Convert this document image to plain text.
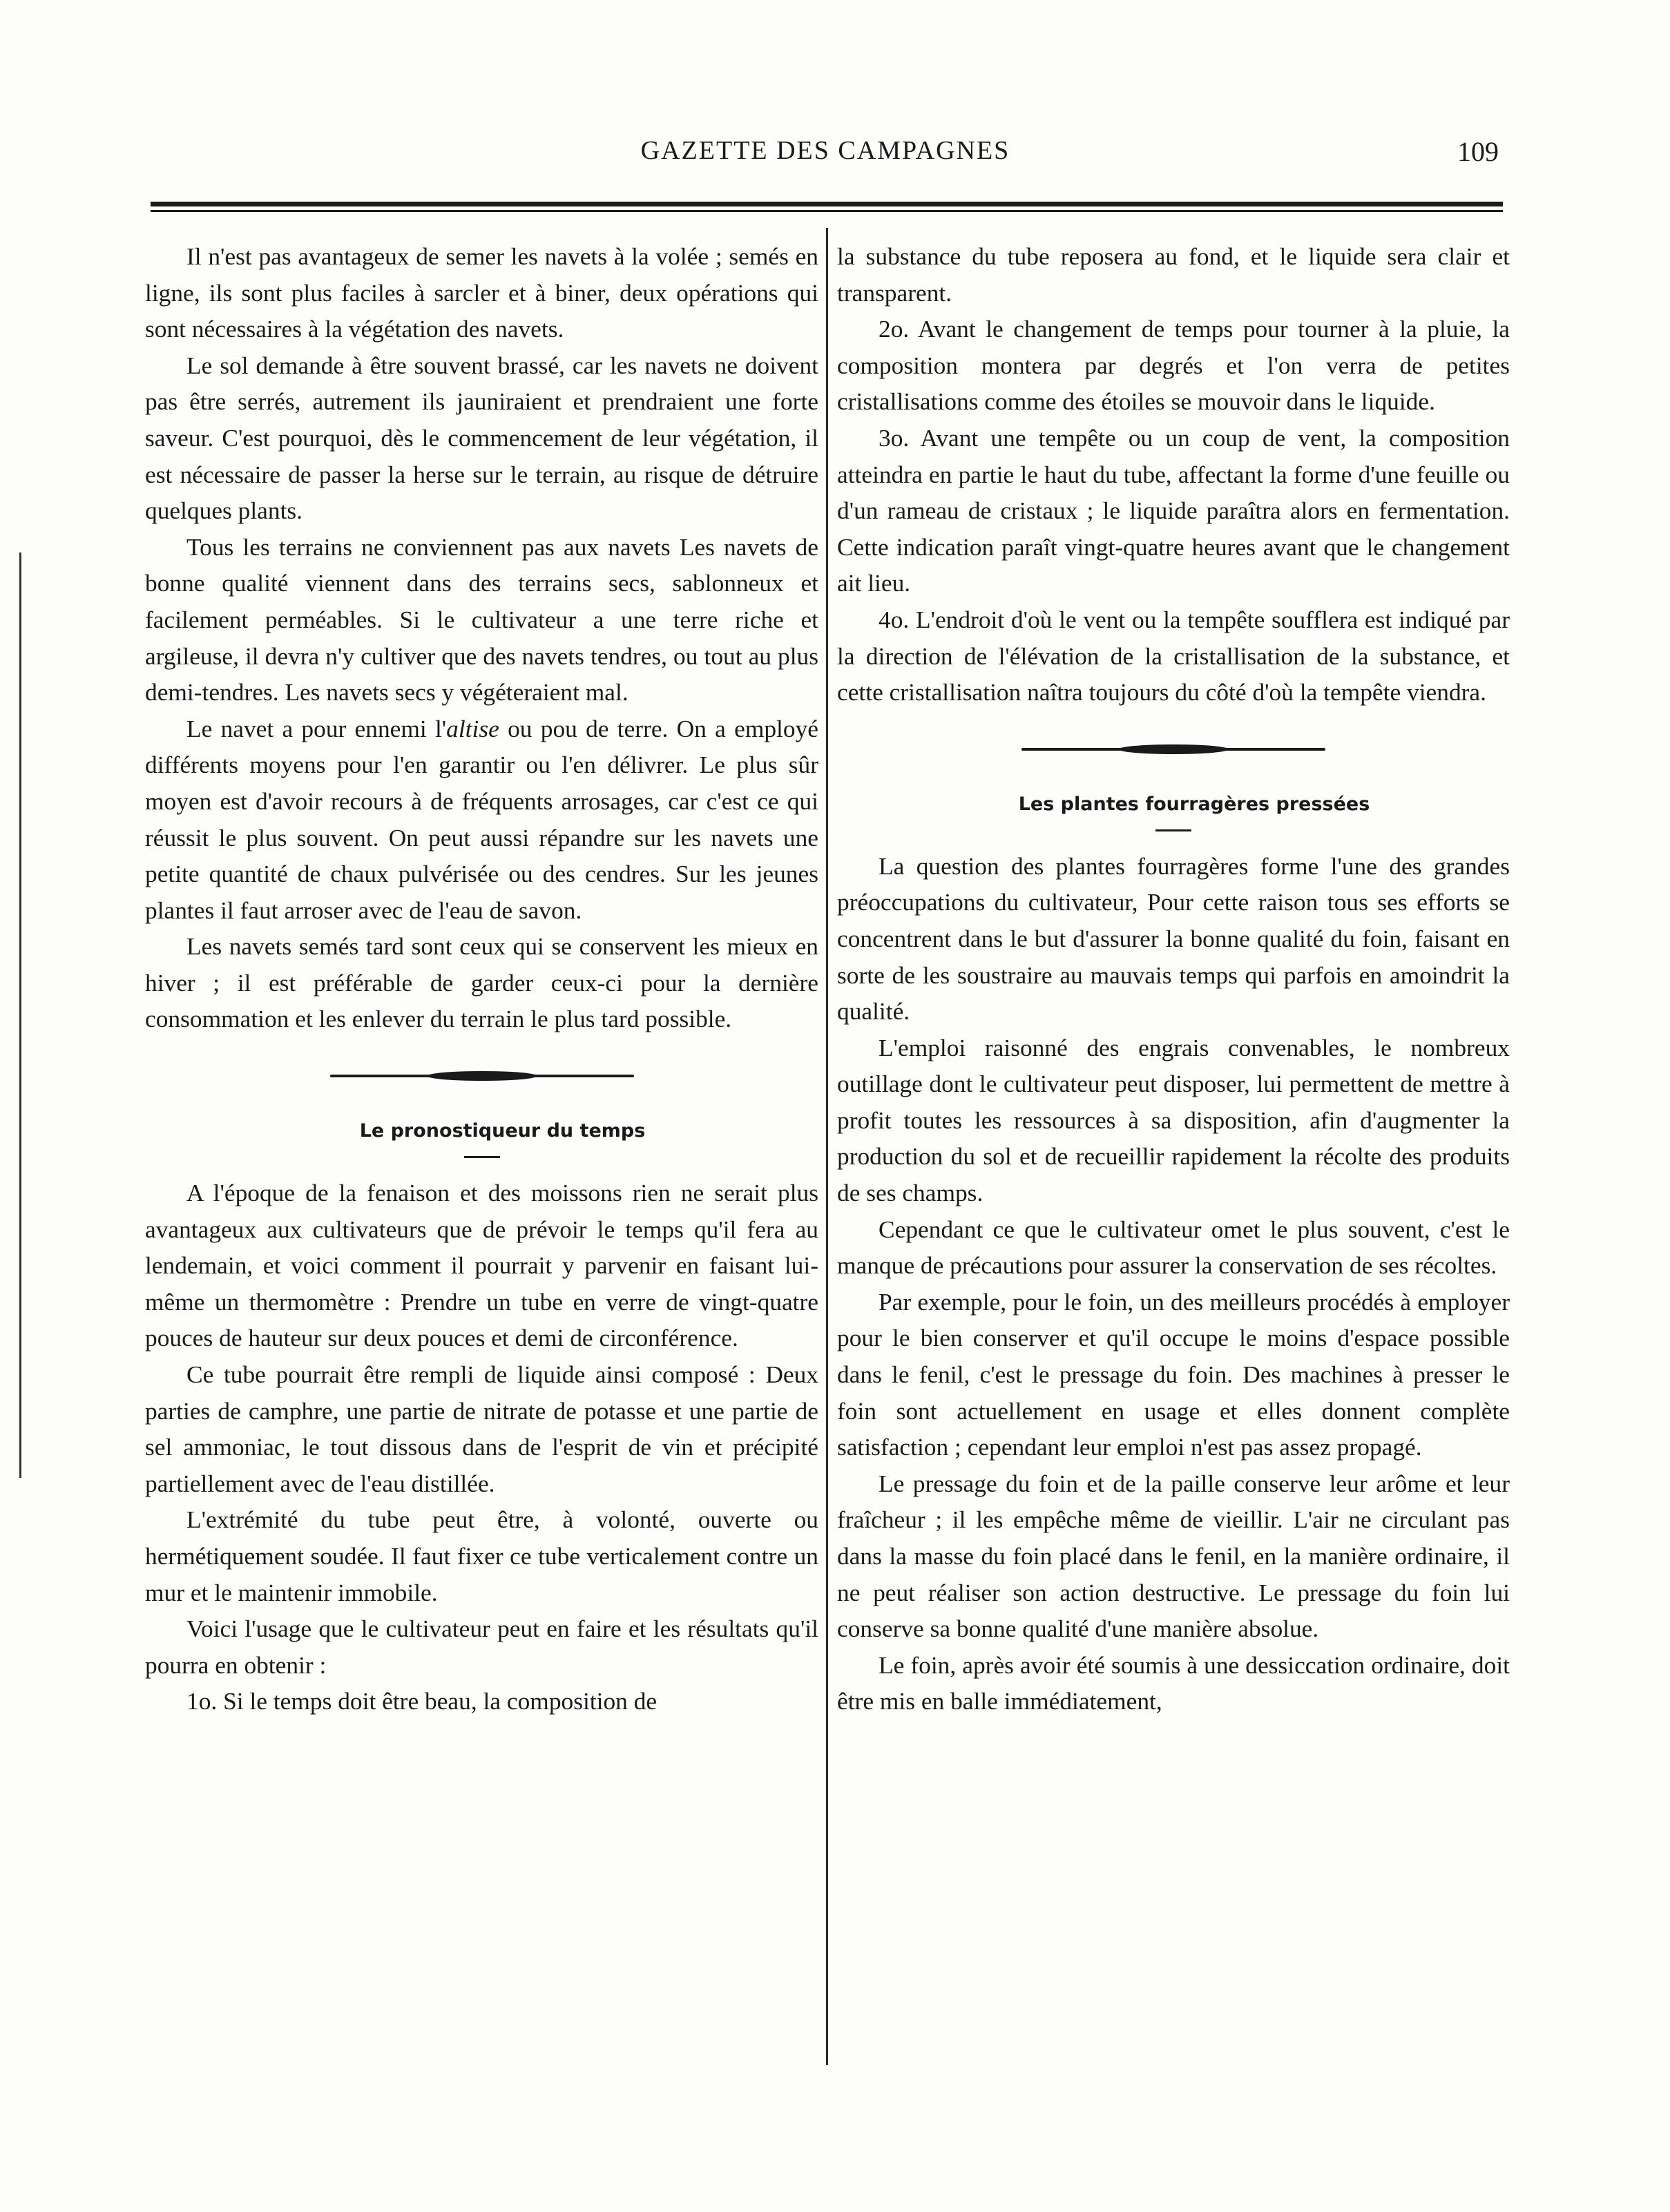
GAZETTE DES CAMPAGNES	109

Il n'est pas avantageux de semer les navets à la volée ; semés en ligne, ils sont plus faciles à sarcler et à biner, deux opérations qui sont nécessaires à la végétation des navets.

Le sol demande à être souvent brassé, car les navets ne doivent pas être serrés, autrement ils jauniraient et prendraient une forte saveur. C'est pourquoi, dès le commencement de leur végétation, il est nécessaire de passer la herse sur le terrain, au risque de détruire quelques plants.

Tous les terrains ne conviennent pas aux navets Les navets de bonne qualité viennent dans des terrains secs, sablonneux et facilement perméables. Si le cultivateur a une terre riche et argileuse, il devra n'y cultiver que des navets tendres, ou tout au plus demi-tendres. Les navets secs y végéteraient mal.

Le navet a pour ennemi l'altise ou pou de terre. On a employé différents moyens pour l'en garantir ou l'en délivrer. Le plus sûr moyen est d'avoir recours à de fréquents arrosages, car c'est ce qui réussit le plus souvent. On peut aussi répandre sur les navets une petite quantité de chaux pulvérisée ou des cendres. Sur les jeunes plantes il faut arroser avec de l'eau de savon.

Les navets semés tard sont ceux qui se conservent les mieux en hiver ; il est préférable de garder ceux-ci pour la dernière consommation et les enlever du terrain le plus tard possible.

Le pronostiqueur du temps

A l'époque de la fenaison et des moissons rien ne serait plus avantageux aux cultivateurs que de prévoir le temps qu'il fera au lendemain, et voici comment il pourrait y parvenir en faisant lui-même un thermomètre : Prendre un tube en verre de vingt-quatre pouces de hauteur sur deux pouces et demi de circonférence.

Ce tube pourrait être rempli de liquide ainsi composé : Deux parties de camphre, une partie de nitrate de potasse et une partie de sel ammoniac, le tout dissous dans de l'esprit de vin et précipité partiellement avec de l'eau distillée.

L'extrémité du tube peut être, à volonté, ouverte ou hermétiquement soudée. Il faut fixer ce tube verticalement contre un mur et le maintenir immobile.

Voici l'usage que le cultivateur peut en faire et les résultats qu'il pourra en obtenir :

1o. Si le temps doit être beau, la composition de

la substance du tube reposera au fond, et le liquide sera clair et transparent.

2o. Avant le changement de temps pour tourner à la pluie, la composition montera par degrés et l'on verra de petites cristallisations comme des étoiles se mouvoir dans le liquide.

3o. Avant une tempête ou un coup de vent, la composition atteindra en partie le haut du tube, affectant la forme d'une feuille ou d'un rameau de cristaux ; le liquide paraîtra alors en fermentation. Cette indication paraît vingt-quatre heures avant que le changement ait lieu.

4o. L'endroit d'où le vent ou la tempête soufflera est indiqué par la direction de l'élévation de la cristallisation de la substance, et cette cristallisation naîtra toujours du côté d'où la tempête viendra.

Les plantes fourragères pressées

La question des plantes fourragères forme l'une des grandes préoccupations du cultivateur, Pour cette raison tous ses efforts se concentrent dans le but d'assurer la bonne qualité du foin, faisant en sorte de les soustraire au mauvais temps qui parfois en amoindrit la qualité.

L'emploi raisonné des engrais convenables, le nombreux outillage dont le cultivateur peut disposer, lui permettent de mettre à profit toutes les ressources à sa disposition, afin d'augmenter la production du sol et de recueillir rapidement la récolte des produits de ses champs.

Cependant ce que le cultivateur omet le plus souvent, c'est le manque de précautions pour assurer la conservation de ses récoltes.

Par exemple, pour le foin, un des meilleurs procédés à employer pour le bien conserver et qu'il occupe le moins d'espace possible dans le fenil, c'est le pressage du foin. Des machines à presser le foin sont actuellement en usage et elles donnent complète satisfaction ; cependant leur emploi n'est pas assez propagé.

Le pressage du foin et de la paille conserve leur arôme et leur fraîcheur ; il les empêche même de vieillir. L'air ne circulant pas dans la masse du foin placé dans le fenil, en la manière ordinaire, il ne peut réaliser son action destructive. Le pressage du foin lui conserve sa bonne qualité d'une manière absolue.

Le foin, après avoir été soumis à une dessiccation ordinaire, doit être mis en balle immédiatement,
